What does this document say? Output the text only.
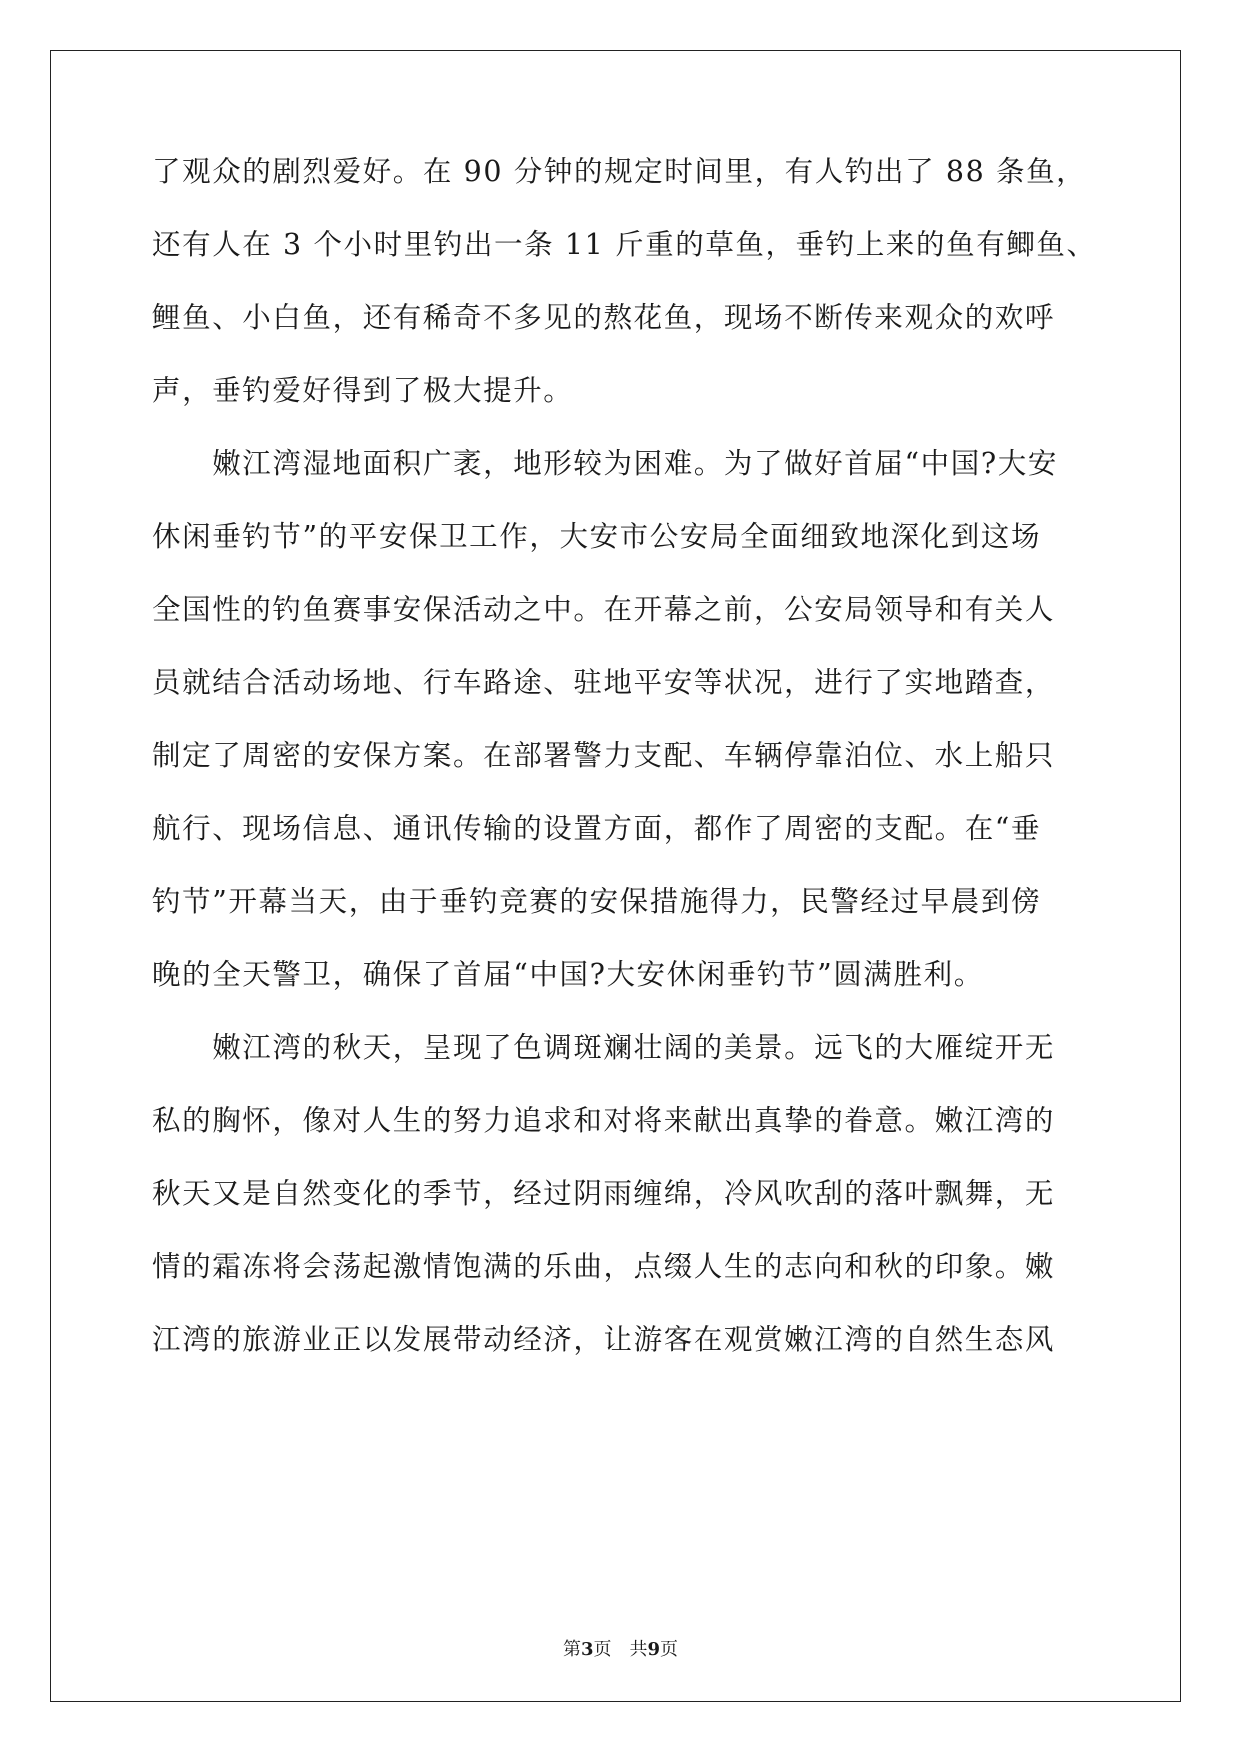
了观众的剧烈爱好。在 90 分钟的规定时间里，有人钓出了 88 条鱼，
还有人在 3 个小时里钓出一条 11 斤重的草鱼，垂钓上来的鱼有鲫鱼、
鲤鱼、小白鱼，还有稀奇不多见的熬花鱼，现场不断传来观众的欢呼
声，垂钓爱好得到了极大提升。
　　嫩江湾湿地面积广袤，地形较为困难。为了做好首届“中国?大安
休闲垂钓节”的平安保卫工作，大安市公安局全面细致地深化到这场
全国性的钓鱼赛事安保活动之中。在开幕之前，公安局领导和有关人
员就结合活动场地、行车路途、驻地平安等状况，进行了实地踏查，
制定了周密的安保方案。在部署警力支配、车辆停靠泊位、水上船只
航行、现场信息、通讯传输的设置方面，都作了周密的支配。在“垂
钓节”开幕当天，由于垂钓竞赛的安保措施得力，民警经过早晨到傍
晚的全天警卫，确保了首届“中国?大安休闲垂钓节”圆满胜利。
　　嫩江湾的秋天，呈现了色调斑斓壮阔的美景。远飞的大雁绽开无
私的胸怀，像对人生的努力追求和对将来献出真挚的眷意。嫩江湾的
秋天又是自然变化的季节，经过阴雨缠绵，冷风吹刮的落叶飘舞，无
情的霜冻将会荡起激情饱满的乐曲，点缀人生的志向和秋的印象。嫩
江湾的旅游业正以发展带动经济，让游客在观赏嫩江湾的自然生态风
第3页　共9页
